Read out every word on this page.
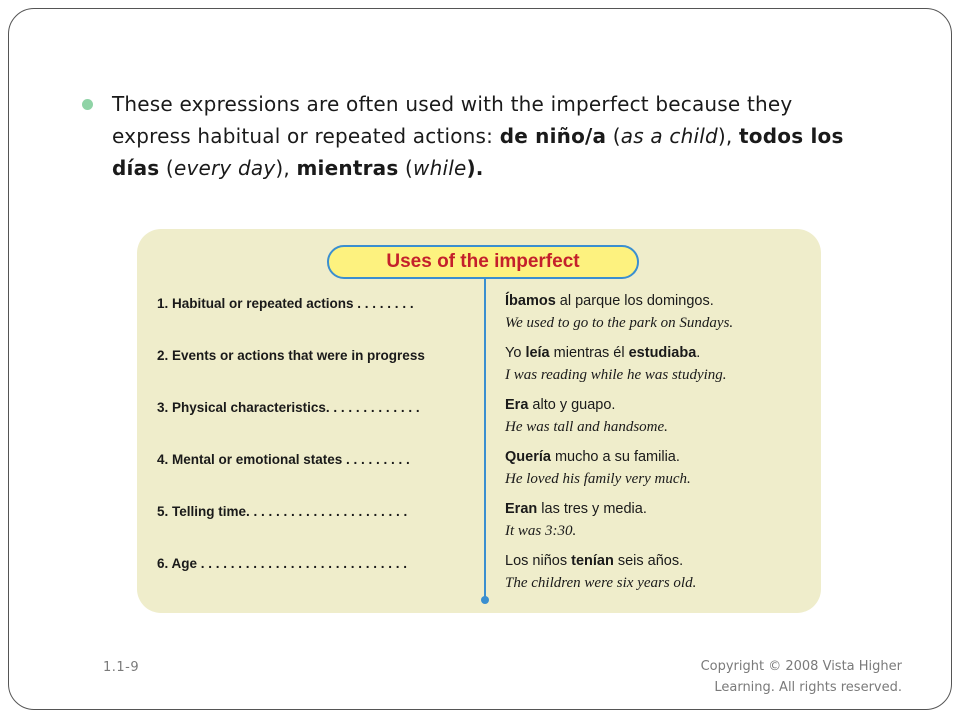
These expressions are often used with the imperfect because they express habitual or repeated actions: de niño/a (as a child), todos los días (every day), mientras (while).
Uses of the imperfect
1. Habitual or repeated actions . . . . . . . .	Íbamos al parque los domingos.
We used to go to the park on Sundays.
2. Events or actions that were in progress	Yo leía mientras él estudiaba.
I was reading while he was studying.
3. Physical characteristics. . . . . . . . . . . . .	Era alto y guapo.
He was tall and handsome.
4. Mental or emotional states . . . . . . . . .	Quería mucho a su familia.
He loved his family very much.
5. Telling time. . . . . . . . . . . . . . . . . . . . . .	Eran las tres y media.
It was 3:30.
6. Age . . . . . . . . . . . . . . . . . . . . . . . . . . . .	Los niños tenían seis años.
The children were six years old.
1.1-9	Copyright © 2008 Vista Higher
Learning. All rights reserved.
